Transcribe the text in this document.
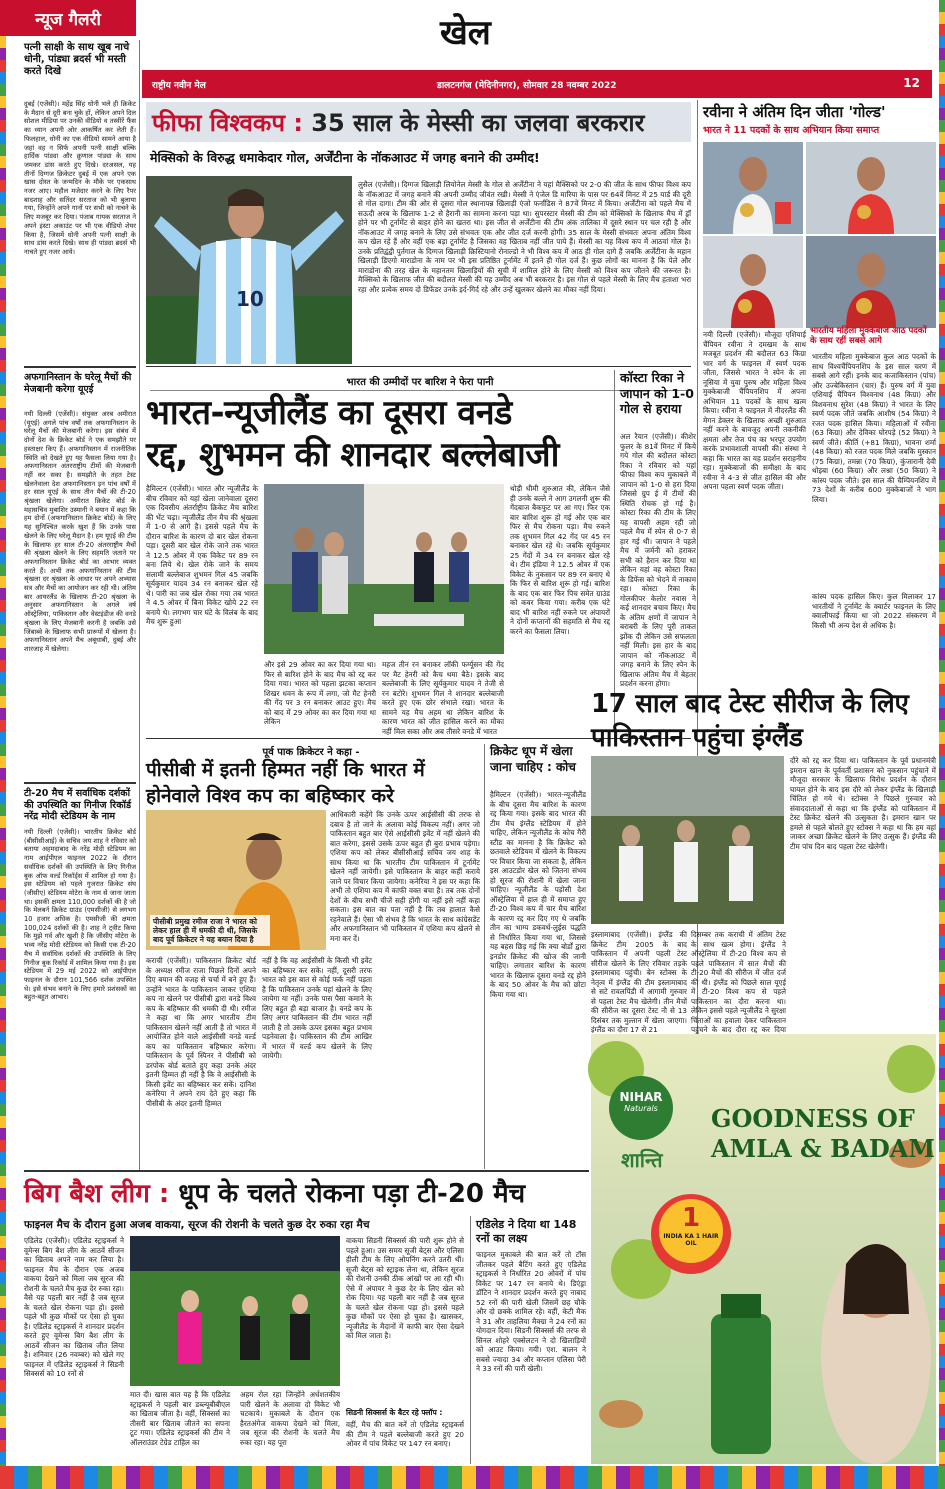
न्यूज गैलरी
पत्नी साक्षी के साथ खूब नाचे धोनी, पांड्या ब्रदर्स भी मस्ती करते दिखे
दुबई (एजेंसी)। महेंद्र सिंह धोनी भले ही क्रिकेट के मैदान से दूरी बना चुके हों, लेकिन अपने दिल सोशल मीडिया पर उनकी वीडियो व तस्वीरें फैंस का ध्यान अपनी ओर आकर्षित कर लेती हैं। फिलहाल, धोनी का एक वीडियो सामने आया है जहां वह न सिर्फ अपनी पत्नी साक्षी बल्कि हार्दिक पांड्या और क्रुणाल पांड्या के साथ जमकर डांस करते हुए दिखे। दरअसल, यह तीनों दिग्गज क्रिकेटर दुबई में एक अपने एक खास दोस्त के जन्मदिन के मौके पर एकसाथ नजर आए। महौल मजेदार करने के लिए रैपर बादशाह और सतिंदर सरताज को भी बुलाया गया, जिन्होंने अपने गानों पर सभी को नाचने के लिए मजबूर कर दिया। पंजाब गायक सरताज ने अपने इंस्टा अकाउंट पर भी एक वीडियो शेयर किया है, जिसमें धोनी अपनी पत्नी साक्षी के साथ डांस करते दिखे। साथ ही पांड्या ब्रदर्स भी नाचते हुए नजर आये।
अफगानिस्तान के घरेलू मैचों की मेजबानी करेगा यूएई
नयी दिल्ली (एजेंसी)। संयुक्त अरब अमीरात (यूएई) अगले पांच वर्षों तक अफगानिस्तान के घरेलू मैचों की मेजबानी करेगा। इस संबंध में दोनों देश के क्रिकेट बोर्ड ने एक समझौते पर हस्ताक्षर किए हैं। अफगानिस्तान में राजनीतिक स्थिति को देखते हुए यह फैसला लिया गया है। अफगानिस्तान अंतरराष्ट्रीय टीमों की मेजबानी नहीं कर सका है। समझौते के तहत टेस्ट खेलनेवाला देश अफगानिस्तान इन पांच वर्षों में हर साल यूएई के साथ तीन मैचों की टी-20 श्रृंखला खेलेगा। अमीरात क्रिकेट बोर्ड के महासचिव मुबाशिर उस्मानी ने बयान में कहा कि हम दोनों (अफगानिस्तान क्रिकेट बोर्ड) के लिए यह सुनिश्चित करके खुश हैं कि उनके पास खेलने के लिए घरेलू मैदान है। हम यूएई की टीम के खिलाफ हर साल टी-20 अंतरराष्ट्रीय मैचों की श्रृंखला खेलने के लिए सहमति जताने पर अफगानिस्तान क्रिकेट बोर्ड का आभार व्यक्त करते हैं। अभी तक अफगानिस्तान की टीम श्रृंखला दर श्रृंखला के आधार पर अपने अभ्यास सत्र और मैचों का आयोजन कर रही थी। अंतिम बार आयरलैंड के खिलाफ टी-20 श्रृंखला के अनुसार अफगानिस्तान के अगले वर्ष ऑस्ट्रेलिया, पाकिस्तान और वेस्टइंडीज की वनडे श्रृंखला के लिए मेजबानी करनी है जबकि उसे जिंबाब्वे के खिलाफ सभी प्रारूपों में खेलना है। अफगानिस्तान अपने मैच अबूधाबी, दुबई और शारजाह में खेलेगा।
टी-20 मैच में सर्वाधिक दर्शकों की उपस्थिति का गिनीज रिकॉर्ड नरेंद्र मोदी स्टेडियम के नाम
नयी दिल्ली (एजेंसी)। भारतीय क्रिकेट बोर्ड (बीसीसीआई) के सचिव जय शाह ने रविवार को बताया अहमदाबाद के नरेंद्र मोदी स्टेडियम का नाम आईपीएल फाइनल 2022 के दौरान सर्वाधिक दर्शकों की उपस्थिति के लिए गिनीज बुक ऑफ वर्ल्ड रिकॉर्ड्स में शामिल हो गया है। इस स्टेडियम को पहले गुजरात क्रिकेट संघ (जीसीए) स्टेडियम मोटेरा के नाम से जाना जाता था। इसकी क्षमता 110,000 दर्शकों की है जो कि मेलबर्न क्रिकेट ग्राउंड (एमसीजी) से लगभग 10 हजार अधिक है। एमसीजी की क्षमता 100,024 दर्शकों की है। शाह ने ट्वीट किया कि मुझे गर्व और खुशी है कि जीसीए मोटेरा के भव्य नरेंद्र मोदी स्टेडियम को किसी एक टी-20 मैच में सर्वाधिक दर्शकों की उपस्थिति के लिए गिनीज बुक रिकॉर्ड में शामिल किया गया है। इस स्टेडियम में 29 मई 2022 को आईपीएल फाइनल के दौरान 101,566 दर्शक उपस्थित थे। इसे संभव बनाने के लिए हमारे प्रशंसकों का बहुत-बहुत आभार।
खेल
राष्ट्रीय नवीन मेल	डालटनगंज (मेदिनीनगर), सोमवार 28 नवम्बर 2022	12
फीफा विश्वकप : 35 साल के मेस्सी का जलवा बरकरार
मेक्सिको के विरुद्ध धमाकेदार गोल, अर्जेंटीना के नॉकआउट में जगह बनाने की उम्मीद!
10
लुसैल (एजेंसी)। दिग्गज खिलाड़ी लियोनेल मेस्सी के गोल से अर्जेंटीना ने यहां मैक्सिको पर 2-0 की जीत के साथ फीफा विश्व कप के नॉकआउट में जगह बनाने की अपनी उम्मीद जीवंत रखी। मेस्सी ने एंजेल डि मारिया के पास पर 64वें मिनट में 25 यार्ड की दूरी से गोल दागा। टीम की ओर से दूसरा गोल स्थानापन्न खिलाड़ी एंजो फर्नांडिस ने 87वें मिनट में किया। अर्जेंटीना को पहले मैच में सऊदी अरब के खिलाफ 1-2 से हैरानी का सामना करना पड़ा था। सुपरस्टार मेस्सी की टीम को मेक्सिको के खिलाफ मैच में ड्रॉ होने पर भी टूर्नामेंट से बाहर होने का खतरा था। इस जीत से अर्जेंटीना की टीम अंक तालिका में दूसरे स्थान पर चल रही है और नॉकआउट में जगह बनाने के लिए उसे संभवतः एक और जीत दर्ज करनी होगी। 35 साल के मेस्सी संभवतः अपना अंतिम विश्व कप खेल रहे हैं और वहीं एक बड़ा टूर्नामेंट है जिसका वह खिताब नहीं जीत पाये हैं। मेस्सी का यह विश्व कप में आठवां गोल है। उनके प्रतिद्वंद्वी पुर्तगाल के दिग्गज खिलाड़ी क्रिस्टियानो रोनाल्डो ने भी विश्व कप में आठ ही गोल दागे हैं जबकि अर्जेंटीना के महान खिलाड़ी डिएगो माराडोना के नाम पर भी इस प्रतिष्ठित टूर्नामेंट में इतने ही गोल दर्ज हैं। कुछ लोगों का मानना है कि पेले और माराडोना की तरह खेल के महानतम खिलाड़ियों की सूची में शामिल होने के लिए मेस्सी को विश्व कप जीतने की जरूरत है। मैक्सिको के खिलाफ जीत की बदौलत मेस्सी की यह उम्मीद अब भी बरकरार है। इस गोल से पहले मेस्सी के लिए मैच हताशा भरा रहा और प्रत्येक समय दो डिफेंडर उनके इर्द-गिर्द रहे और उन्हें खुलकर खेलने का मौका नहीं दिया।
रवीना ने अंतिम दिन जीता 'गोल्ड'
भारत ने 11 पदकों के साथ अभियान किया समाप्त
भारतीय महिला मुक्केबाज आठ पदकों के साथ रहीं सबसे आगे
नयी दिल्ली (एजेंसी)। मौजूदा एशियाई चैंपियन रवीना ने दमखम के साथ मजबूत प्रदर्शन की बदौलत 63 किग्रा भार वर्ग के फाइनल में स्वर्ण पदक जीता, जिससे भारत ने स्पेन के ला नूसिया में युवा पुरुष और महिला विश्व मुक्केबाजी चैंपियनशिप में अपना अभियान 11 पदकों के साथ खत्म किया। रवीना ने फाइनल में नीदरलैंड की मेगन डेक्लर के खिलाफ अच्छी शुरुआत नहीं करने के बावजूद अपनी तकनीकी क्षमता और तेज पंच का भरपूर उपयोग करके प्रभावशाली वापसी की। संस्था ने कहा कि भारत का यह प्रदर्शन सराहनीय रहा। मुक्केबाजों की समीक्षा के बाद रवीना ने 4-3 से जीत हासिल की और अपना पहला स्वर्ण पदक जीता।
भारतीय महिला मुक्केबाज कुल आठ पदकों के साथ विश्वचैंपियनशिप के इस साल चरण में सबसे आगे रहीं। इनके बाद कजाकिस्तान (पांच) और उज्बेकिस्तान (चार) हैं। पुरुष वर्ग में युवा एशियाई चैंपियन विश्वनाथ (48 किग्रा) और विशवनाथ सुरेश (48 किग्रा) ने भारत के लिए स्वर्ण पदक जीते जबकि आशीष (54 किग्रा) ने रजत पदक हासिल किया। महिलाओं में रवीना (63 किग्रा) और देविका घोरपड़े (52 किग्रा) ने स्वर्ण जीते। कीर्ति (+81 किग्रा), भावना शर्मा (48 किग्रा) को रजत पदक मिले जबकि मुस्कान (75 किग्रा), तमन्ना (70 किग्रा), कुंजारानी देवी थोइबा (60 किग्रा) और लश्ना (50 किग्रा) ने कांस्य पदक जीते। इस साल की चैम्पियनशिप में 73 देशों के करीब 600 मुक्केबाजों ने भाग लिया।
कांस्य पदक हासिल किए। कुल मिलाकर 17 भारतीयों ने टूर्नामेंट के क्वार्टर फाइनल के लिए क्वालीफाई किया था जो 2022 संस्करण में किसी भी अन्य देश से अधिक है।
भारत की उम्मीदों पर बारिश ने फेरा पानी
भारत-न्यूजीलैंड का दूसरा वनडे
रद्द, शुभमन की शानदार बल्लेबाजी
हैमिल्टन (एजेंसी)। भारत और न्यूजीलैंड के बीच रविवार को यहां खेला जानेवाला दूसरा एक दिवसीय अंतर्राष्ट्रीय क्रिकेट मैच बारिश की भेंट चढ़ा। न्यूजीलैंड तीन मैच की श्रृंखला में 1-0 से आगे है। इससे पहले मैच के दौरान बारिश के कारण दो बार खेल रोकना पड़ा। दूसरी बार खेल रोके जाने तक भारत ने 12.5 ओवर में एक विकेट पर 89 रन बना लिये थे। खेल रोके जाने के समय सलामी बल्लेबाज शुभमन गिल 45 जबकि सूर्यकुमार यादव 34 रन बनाकर खेल रहे थे। पारी का जब खेल रोका गया तब भारत ने 4.5 ओवर में बिना विकेट खोये 22 रन बनाये थे। लगभग चार घंटे के विलंब के बाद मैच शुरू हुआ
और इसे 29 ओवर का कर दिया गया था। फिर से बारिश होने के बाद मैच को रद्द कर दिया गया। भारत को पहला झटका कप्तान शिखर धवन के रूप में लगा, जो मैट हेनरी की गेंद पर 3 रन बनाकर आउट हुए। मैच को बाद में 29 ओवर का कर दिया गया था लेकिन
महज तीन रन बनाकर लॉकी फर्ग्यूसन की गेंद पर मैट हेनरी को कैच थमा बैठे। इसके बाद बल्लेबाजी के लिए सूर्यकुमार यादव ने तेजी से रन बटोरे। शुभमन गिल ने शानदार बल्लेबाजी करते हुए एक छोर संभाले रखा। भारत के सामने यह मैच अहम था लेकिन बारिश के कारण भारत को जीत हासिल करने का मौका नहीं मिल सका और अब तीसरे वनडे में भारत
थोड़ी धीमी शुरुआत की, लेकिन जैसे ही उनके बल्ले ने आग उगलनी शुरू की गेंदबाज बैकफुट पर आ गए। फिर एक बार बारिश शुरू हो गई और एक बार फिर से मैच रोकना पड़ा। मैच रुकने तक शुभमन गिल 42 गेंद पर 45 रन बनाकर खेल रहे थे। जबकि सूर्यकुमार 25 गेंदों में 34 रन बनाकर खेल रहे थे। टीम इंडिया ने 12.5 ओवर में एक विकेट के नुकसान पर 89 रन बनाए थे कि फिर से बारिश शुरू हो गई। बारिश के बाद एक बार फिर पिच समेत ग्राउंड को कवर किया गया। करीब एक घंटे बाद भी बारिश नहीं रुकने पर अंपायरों ने दोनों कप्तानों की सहमति से मैच रद्द करने का फैसला लिया।
कॉस्टा रिका ने जापान को 1-0 गोल से हराया
अल रैयान (एजेंसी)। कीशेर फुलर के 81वें मिनट में किये गये गोल की बदौलत कोस्टा रिका ने रविवार को यहां फीफा विश्व कप मुकाबले में जापान को 1-0 से हरा दिया जिससे ग्रुप ई में टीमों की स्थिति रोचक हो गई है। कोस्टा रिका की टीम के लिए यह वापसी अहम रही जो पहले मैच में स्पेन से 0-7 से हार गई थी। जापान ने पहले मैच में जर्मनी को हराकर सभी को हैरान कर दिया था लेकिन यहां वह कोस्टा रिका के डिफेंस को भेदने में नाकाम रहा। कोस्टा रिका के गोलकीपर केलोर नवास ने कई शानदार बचाव किए। मैच के अंतिम क्षणों में जापान ने बराबरी के लिए पूरी ताकत झोंक दी लेकिन उसे सफलता नहीं मिली। इस हार के बाद जापान को नॉकआउट में जगह बनाने के लिए स्पेन के खिलाफ अंतिम मैच में बेहतर प्रदर्शन करना होगा।
17 साल बाद टेस्ट सीरीज के लिए पाकिस्तान पहुंचा इंग्लैंड
दौरे को रद्द कर दिया था। पाकिस्तान के पूर्व प्रधानमंत्री इमरान खान के पूर्ववर्ती प्रशासन को नुकसान पहुंचाने में मौजूदा सरकार के खिलाफ विरोध प्रदर्शन के दौरान घायल होने के बाद इस दौरे को लेकर इंग्लैंड के खिलाड़ी चिंतित हो गये थे। स्टोक्स ने पिछले गुरुवार को संवाददाताओं से कहा था कि इंग्लैंड को पाकिस्तान में टेस्ट क्रिकेट खेलने की उत्सुकता है। इमरान खान पर हमले से पहले बोलते हुए स्टोक्स ने कहा था कि हम वहां जाकर अच्छा क्रिकेट खेलने के लिए उत्सुक हैं। इंग्लैंड की टीम पांच दिन बाद पहला टेस्ट खेलेगी।
इस्लामाबाद (एजेंसी)। इंग्लैंड की क्रिकेट टीम 2005 के बाद पाकिस्तान में अपनी पहली टेस्ट सीरीज खेलने के लिए रविवार तड़के इस्लामाबाद पहुंची। बेन स्टोक्स के नेतृत्व में इंग्लैंड की टीम इस्लामाबाद से सटे रावलपिंडी में आगामी गुरुवार से पहला टेस्ट मैच खेलेगी। तीन मैचों की सीरीज का दूसरा टेस्ट नौ से 13 दिसंबर तक मुल्तान में खेला जाएगा। इंग्लैंड का दौरा 17 से 21
दिसम्बर तक कराची में अंतिम टेस्ट के साथ खत्म होगा। इंग्लैंड ने ऑस्ट्रेलिया में टी-20 विश्व कप से पहले पाकिस्तान में सात मैचों की टी-20 मैचों की सीरीज में जीत दर्ज की थी। इंग्लैंड को पिछले साल यूएई में टी-20 विश्व कप से पहले पाकिस्तान का दौरा करना था। लेकिन इससे पहले न्यूजीलैंड ने सुरक्षा चिंताओं का हवाला देकर पाकिस्तान पहुंचने के बाद दौरा रद्द कर दिया
पूर्व पाक क्रिकेटर ने कहा -
पीसीबी में इतनी हिम्मत नहीं कि भारत में होनेवाले विश्व कप का बहिष्कार करे
पीसीबी प्रमुख रमीज राजा ने भारत को लेकर हाल ही में धमकी दी थी, जिसके बाद पूर्व क्रिकेटर ने यह बयान दिया है
कराची (एजेंसी)। पाकिस्तान क्रिकेट बोर्ड के अध्यक्ष रमीज राजा पिछले दिनों अपने दिए बयान की वजह से चर्चा में बने हुए हैं। उन्होंने भारत के पाकिस्तान जाकर एशिया कप ना खेलने पर पीसीबी द्वारा वनडे विश्व कप के बहिष्कार की धमकी दी थी। रमीज ने कहा था कि अगर भारतीय टीम पाकिस्तान खेलने नहीं आती है तो भारत में आयोजित होने वाले आईसीसी वनडे वर्ल्ड कप का पाकिस्तान बहिष्कार करेगा। पाकिस्तान के पूर्व स्पिनर ने पीसीबी को डरपोक बोर्ड बताते हुए कहा उनके अंदर इतनी हिम्मत ही नहीं है कि वे आईसीसी के किसी इवेंट का बहिष्कार कर सकें। दानिश कनेरिया ने अपने राय देते हुए कहा कि पीसीबी के अंदर इतनी हिम्मत
नहीं है कि वह आईसीसी के किसी भी इवेंट का बहिष्कार कर सके। नहीं, दूसरी तरफ भारत को इस बात से कोई फर्क नहीं पड़ता है कि पाकिस्तान उनके यहां खेलने के लिए जायेगा या नहीं। उनके पास पैसा कमाने के लिए बहुत ही बड़ा बाजार है। वनडे कप के लिए अगर पाकिस्तान की टीम भारत नहीं जाती है तो उसके ऊपर इसका बहुत प्रभाव पड़नेवाला है। पाकिस्तान की टीम आखिर में भारत में वर्ल्ड कप खेलने के लिए जायेगी।
आधिकारी कहेंगे कि उनके ऊपर आईसीसी की तरफ से दबाव है तो जाने के अलावा कोई विकल्प नहीं। अगर जो पाकिस्तान बहुत बार ऐसे आईसीसी इवेंट में नहीं खेलने की बात करेगा, इससे उसके ऊपर बहुत ही बुरा प्रभाव पड़ेगा। एशिया कप को लेकर बीसीसीआई सचिव जय शाह के साथ किया था कि भारतीय टीम पाकिस्तान में टूर्नामेंट खेलने नहीं जायेगी। इसे पाकिस्तान के बाहर कहीं कराये जाने पर विचार किया जायेगा। कनेरिया ने इस पर कहा कि अभी तो एशिया कप में काफी वक्त बचा है। तब तक दोनों देशों के बीच सभी चीजें सही होंगी या नहीं इसे नहीं कहा सकता। इस बात का पता नहीं है कि तब हालात कैसे रहनेवाले हैं। ऐसा भी संभव है कि भारत के साथ कांग्रेसडेंट और अफगानिस्तान भी पाकिस्तान में एशिया कप खेलने से मना कर दें।
क्रिकेट धूप में खेला जाना चाहिए : कोच
हैमिल्टन (एजेंसी)। भारत-न्यूजीलैंड के बीच दूसरा मैच बारिश के कारण रद्द किया गया। इसके बाद भारत की टीम मैच इंग्लैंड स्टेडियम में होने चाहिए, लेकिन न्यूजीलैंड के कोच गैरी स्टीड का मानना है कि क्रिकेट को छतवाले स्टेडियम में खेलने के विकल्प पर विचार किया जा सकता है, लेकिन इस आउटडोर खेल को जितना संभव हो सूरज की रोशनी में खेला जाना चाहिए। न्यूजीलैंड के पड़ोसी देश ऑस्ट्रेलिया में हाल ही में समाप्त हुए टी-20 विश्व कप में चार मैच बारिश के कारण रद्द कर दिए गए थे जबकि तीन का भाग्य डकवर्थ-लुईस पद्धति से निर्धारित किया गया था, जिससे यह बहस छिड़ गई कि क्या बोर्डों द्वारा इनडोर क्रिकेट की खोज की जानी चाहिए। लगातार बारिश के कारण भारत के खिलाफ दूसरा वनडे रद्द होने के बाद 50 ओवर के मैच को छोटा किया गया था।
NIHAR
Naturals
शान्ति
GOODNESS OF
AMLA & BADAM
1
INDIA KA 1 HAIR OIL
बिग बैश लीग : धूप के चलते रोकना पड़ा टी-20 मैच
फाइनल मैच के दौरान हुआ अजब वाकया, सूरज की रोशनी के चलते कुछ देर रुका रहा मैच
एडिलेड (एजेंसी)। एडिलेड स्ट्राइकर्स ने वूमेन्स बिग बैश लीग के आठवें सीजन का खिताब अपने नाम कर लिया है। फाइनल मैच के दौरान एक अजब वाकया देखने को मिला जब सूरज की रोशनी के चलते मैच कुछ देर रुका रहा। वैसे यह पहली बार नहीं है जब सूरज के चलते खेल रोकना पड़ा हो। इससे पहले भी कुछ मौकों पर ऐसा हो चुका है। एडिलेड स्ट्राइकर्स ने शानदार प्रदर्शन करते हुए वूमेन्स बिग बैश लीग के आठवें सीजन का खिताब जीत लिया है। शनिवार (26 नवम्बर) को खेले गए फाइनल में एडिलेड स्ट्राइकर्स ने सिडनी सिक्सर्स को 10 रनों से
मात दी। खास बात यह है कि एडिलेड स्ट्राइकर्स ने पहली बार डब्ल्यूबीबीएल का खिताब जीता है। वहीं, सिक्सर्स का तीसरी बार खिताब जीतने का सपना टूट गया। एडिलेड स्ट्राइकर्स की टीम ने ऑलराउंडर टेग्रेड टाहिल का
अहम रोल रहा जिन्होंने अर्धशतकीय पारी खेलने के अलावा दो विकेट भी चटकाये। मुकाबले के दौरान एक हैरतअंगेज वाकया देखने को मिला, जब सूरज की रोशनी के चलते मैच रुका रहा। यह पूरा
वाकया सिडनी सिक्सर्स की पारी शुरू होने से पहले हुआ। उस समय सूजी बेट्स और एलिसा हीली टीम के लिए ओपनिंग करने उतरी थीं। सूजी बेट्स को स्ट्राइक लेना था, लेकिन सूरज की रोशनी उनकी ठीक आंखों पर आ रही थी। ऐसे में अंपायर ने कुछ देर के लिए खेल को रोक दिया। यह पहली बार नहीं है जब सूरज के चलते खेल रोकना पड़ा हो। इससे पहले कुछ मौकों पर ऐसा हो चुका है। खासकर, न्यूजीलैंड के मैदानों में काफी बार ऐसा देखने को मिल जाता है।
सिडनी सिक्सर्स के बैटर रहे फ्लॉप :
वहीं, मैच की बात करें तो एडिलेड स्ट्राइकर्स की टीम ने पहले बल्लेबाजी करते हुए 20 ओवर में पांच विकेट पर 147 रन बनाए।
एडिलेड ने दिया था 148 रनों का लक्ष्य
फाइनल मुकाबले की बात करें तो टॉस जीतकर पहले बैटिंग करते हुए एडिलेड स्ट्राइकर्स ने निर्धारित 20 ओवरों में पांच विकेट पर 147 रन बनाये थे। डिएंड्रा डॉटिन ने शानदार प्रदर्शन करते हुए नाबाद 52 रनों की पारी खेली जिसमें छह चौके और दो छक्के शामिल रहे। वहीं, केटी मैक ने 31 और ताहलिया मैक्ग्रा ने 24 रनों का योगदान दिया। सिडनी सिक्सर्स की तरफ से सिनल शोहरे एक्सेलटन ने दो खिलाड़ियों को आउट किया। गयी। एश. बालन ने सबसे ज्यादा 34 और कप्तान एलिसा पेरी ने 33 रनों की पारी खेली।
